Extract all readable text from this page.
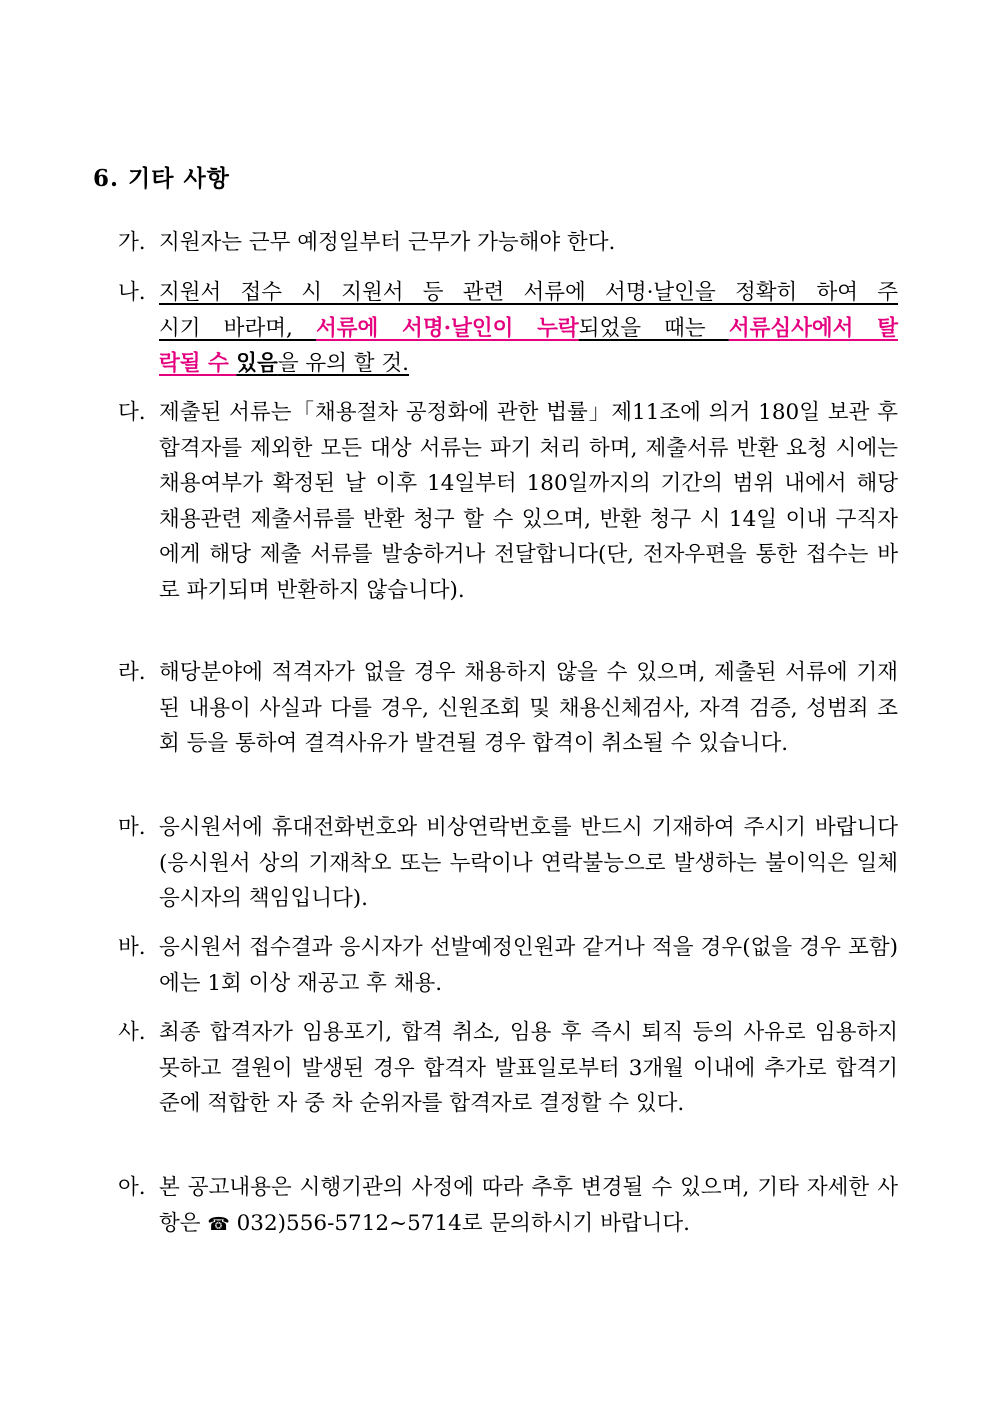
6. 기타 사항
가. 지원자는 근무 예정일부터 근무가 가능해야 한다.
나. 지원서 접수 시 지원서 등 관련 서류에 서명·날인을 정확히 하여 주
시기 바라며, 서류에 서명·날인이 누락되었을 때는 서류심사에서 탈
락될 수 있음을 유의 할 것.
다. 제출된 서류는「채용절차 공정화에 관한 법률」제11조에 의거 180일 보관 후 합격자를 제외한 모든 대상 서류는 파기 처리 하며, 제출서류 반환 요청 시에는 채용여부가 확정된 날 이후 14일부터 180일까지의 기간의 범위 내에서 해당 채용관련 제출서류를 반환 청구 할 수 있으며, 반환 청구 시 14일 이내 구직자에게 해당 제출 서류를 발송하거나 전달합니다(단, 전자우편을 통한 접수는 바로 파기되며 반환하지 않습니다).
라. 해당분야에 적격자가 없을 경우 채용하지 않을 수 있으며, 제출된 서류에 기재된 내용이 사실과 다를 경우, 신원조회 및 채용신체검사, 자격 검증, 성범죄 조회 등을 통하여 결격사유가 발견될 경우 합격이 취소될 수 있습니다.
마. 응시원서에 휴대전화번호와 비상연락번호를 반드시 기재하여 주시기 바랍니다(응시원서 상의 기재착오 또는 누락이나 연락불능으로 발생하는 불이익은 일체 응시자의 책임입니다).
바. 응시원서 접수결과 응시자가 선발예정인원과 같거나 적을 경우(없을 경우 포함)에는 1회 이상 재공고 후 채용.
사. 최종 합격자가 임용포기, 합격 취소, 임용 후 즉시 퇴직 등의 사유로 임용하지 못하고 결원이 발생된 경우 합격자 발표일로부터 3개월 이내에 추가로 합격기준에 적합한 자 중 차 순위자를 합격자로 결정할 수 있다.
아. 본 공고내용은 시행기관의 사정에 따라 추후 변경될 수 있으며, 기타 자세한 사항은 ☎ 032)556-5712~5714로 문의하시기 바랍니다.
